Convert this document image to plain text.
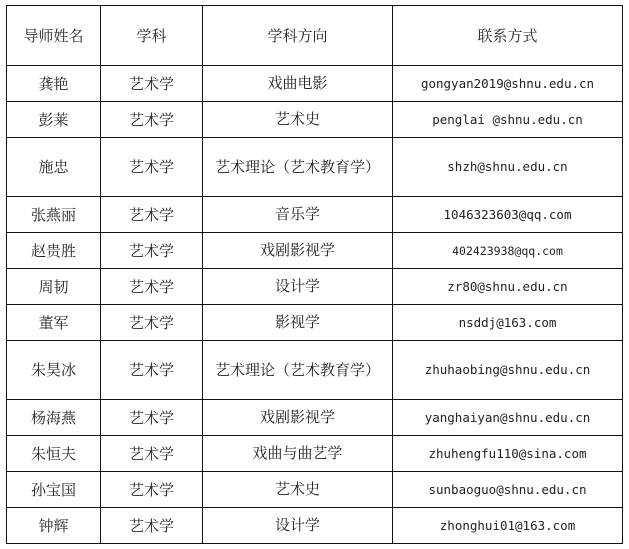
导师姓名	学科	学科方向	联系方式
龚艳	艺术学	戏曲电影	gongyan2019@shnu.edu.cn
彭莱	艺术学	艺术史	penglai @shnu.edu.cn
施忠	艺术学	艺术理论（艺术教育学）	shzh@shnu.edu.cn
张燕丽	艺术学	音乐学	1046323603@qq.com
赵贵胜	艺术学	戏剧影视学	402423938@qq.com
周韧	艺术学	设计学	zr80@shnu.edu.cn
董军	艺术学	影视学	nsddj@163.com
朱昊冰	艺术学	艺术理论（艺术教育学）	zhuhaobing@shnu.edu.cn
杨海燕	艺术学	戏剧影视学	yanghaiyan@shnu.edu.cn
朱恒夫	艺术学	戏曲与曲艺学	zhuhengfu110@sina.com
孙宝国	艺术学	艺术史	sunbaoguo@shnu.edu.cn
钟辉	艺术学	设计学	zhonghui01@163.com
